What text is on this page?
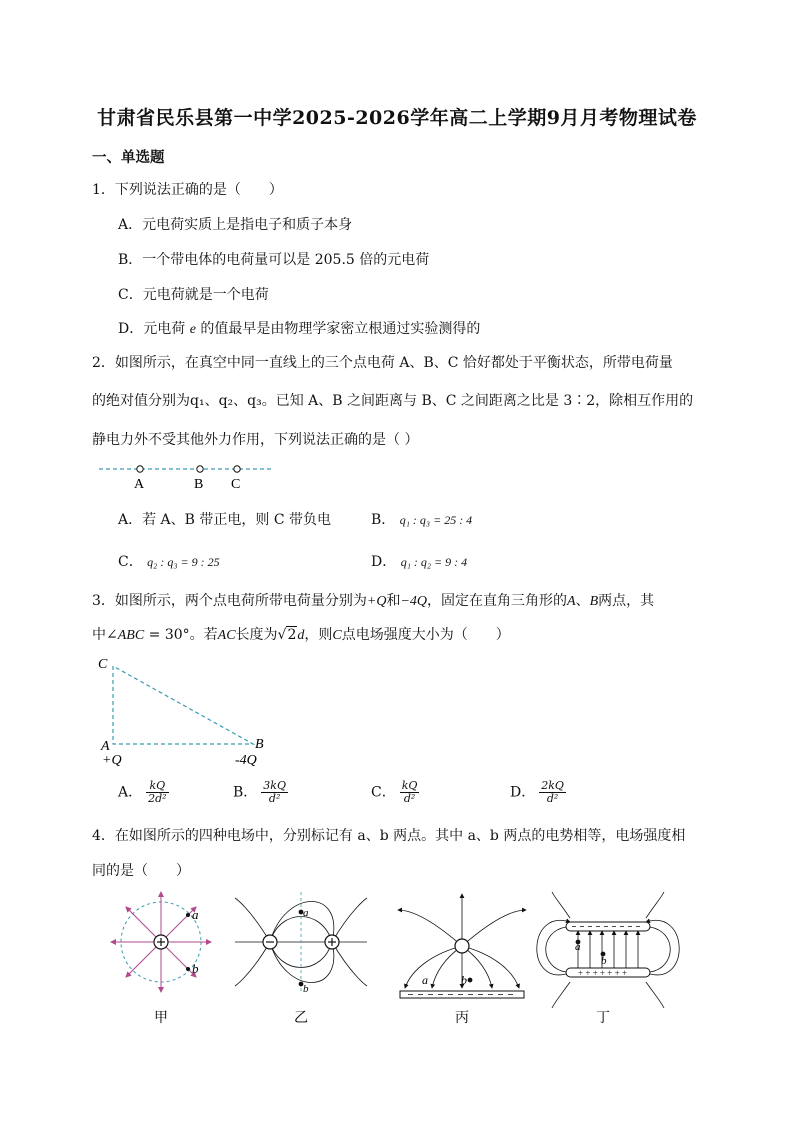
甘肃省民乐县第一中学2025-2026学年高二上学期9月月考物理试卷
一、单选题
1．下列说法正确的是（　　）
A．元电荷实质上是指电子和质子本身
B．一个带电体的电荷量可以是 205.5 倍的元电荷
C．元电荷就是一个电荷
D．元电荷 e 的值最早是由物理学家密立根通过实验测得的
2．如图所示，在真空中同一直线上的三个点电荷 A、B、C 恰好都处于平衡状态，所带电荷量
的绝对值分别为q₁、q₂、q₃。已知 A、B 之间距离与 B、C 之间距离之比是 3∶2，除相互作用的
静电力外不受其他外力作用，下列说法正确的是（ ）
A	B C
A．若 A、B 带正电，则 C 带负电	B． q₁ : q₃ = 25 : 4
C． q₂ : q₃ = 9 : 25	D． q₁ : q₂ = 9 : 4
3．如图所示，两个点电荷所带电荷量分别为+Q和−4Q，固定在直角三角形的A、B两点，其
中∠ABC = 30°。若AC长度为√2d，则C点电场强度大小为（　　）
C
A	B
+Q	-4Q
A． $\frac{kQ}{\text{2d²}}$	B． $\frac{3kQ}{\text{d²}}$	C． $\frac{kQ}{\text{d²}}$	D． $\frac{2kQ}{\text{d²}}$
4．在如图所示的四种电场中，分别标记有 a、b 两点。其中 a、b 两点的电势相等，电场强度相
同的是（　　）
a
b
甲
a
b
乙
a	b
丙
+ + + + + + +
a
b
丁
